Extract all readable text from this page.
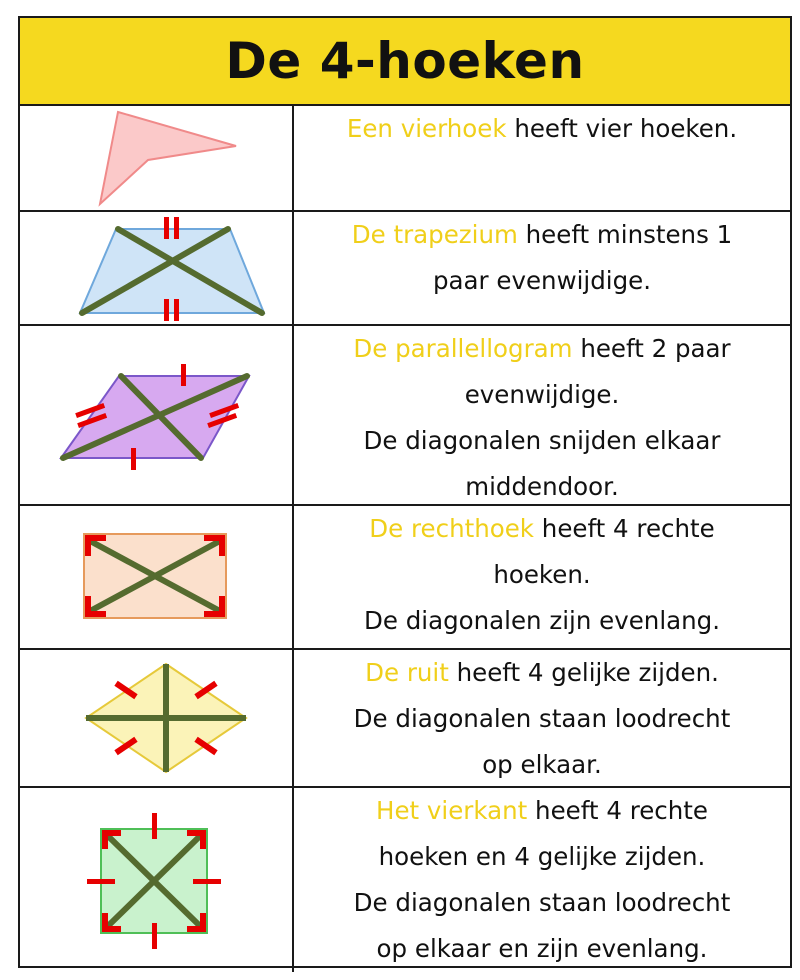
De 4-hoeken
Een vierhoek heeft vier hoeken.
De trapezium heeft minstens 1
paar evenwijdige.
De parallellogram heeft 2 paar
evenwijdige.
De diagonalen snijden elkaar
middendoor.
De rechthoek heeft 4 rechte
hoeken.
De diagonalen zijn evenlang.
De ruit heeft 4 gelijke zijden.
De diagonalen staan loodrecht
op elkaar.
Het vierkant heeft 4 rechte
hoeken en 4 gelijke zijden.
De diagonalen staan loodrecht
op elkaar en zijn evenlang.
